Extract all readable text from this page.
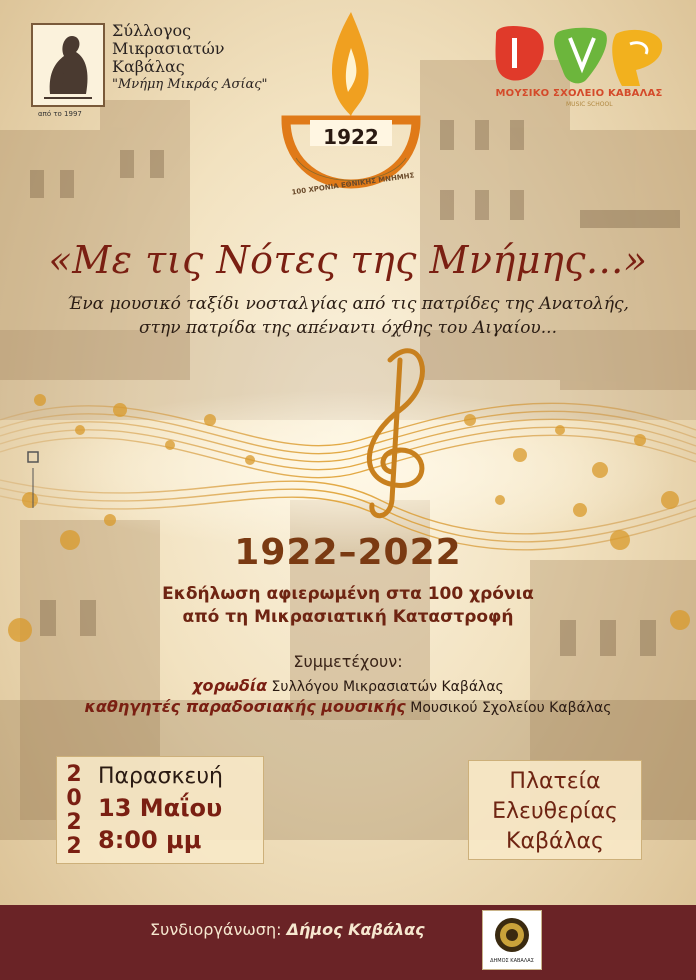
Σύλλογος
Μικρασιατών
Καβάλας
"Μνήμη Μικράς Ασίας"
από το 1997
1922
100 ΧΡΟΝΙΑ ΕΘΝΙΚΗΣ ΜΝΗΜΗΣ
ΜΟΥΣΙΚΟ ΣΧΟΛΕΙΟ ΚΑΒΑΛΑΣ
MUSIC SCHOOL
«Με τις Νότες της Μνήμης...»
Ένα μουσικό ταξίδι νοσταλγίας από τις πατρίδες της Ανατολής,
στην πατρίδα της απέναντι όχθης του Αιγαίου...
1922–2022
Εκδήλωση αφιερωμένη στα 100 χρόνια
από τη Μικρασιατική Καταστροφή
Συμμετέχουν:
χορωδία Συλλόγου Μικρασιατών Καβάλας
καθηγητές παραδοσιακής μουσικής Μουσικού Σχολείου Καβάλας
2
0
2
2
Παρασκευή
13 Μαΐου
8:00 μμ
Πλατεία
Ελευθερίας
Καβάλας
Συνδιοργάνωση: Δήμος Καβάλας
ΔΗΜΟΣ ΚΑΒΑΛΑΣ
